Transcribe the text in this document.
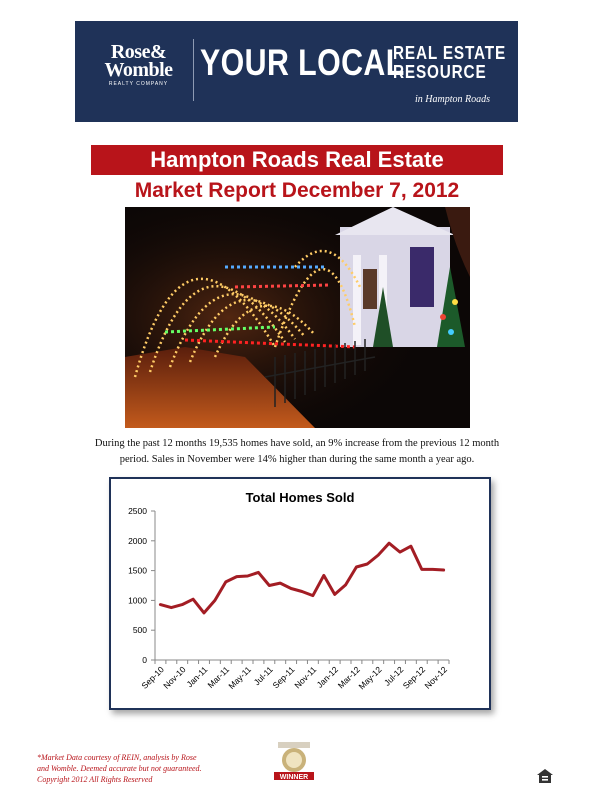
Rose&
Womble
REALTY COMPANY
YOUR LOCAL
REAL ESTATE
RESOURCE
in Hampton Roads
Hampton Roads Real Estate
Market Report December 7, 2012
During the past 12 months 19,535 homes have sold, an 9% increase from the previous 12 month period. Sales in November were 14% higher than during the same month a year ago.
Total Homes Sold
0
500
1000
1500
2000
2500
Sep-10
Nov-10
Jan-11
Mar-11
May-11
Jul-11
Sep-11
Nov-11
Jan-12
Mar-12
May-12
Jul-12
Sep-12
Nov-12
*Market Data courtesy of REIN, analysis by Rose
and Womble. Deemed accurate but not guaranteed.
Copyright 2012 All Rights Reserved	WINNER
